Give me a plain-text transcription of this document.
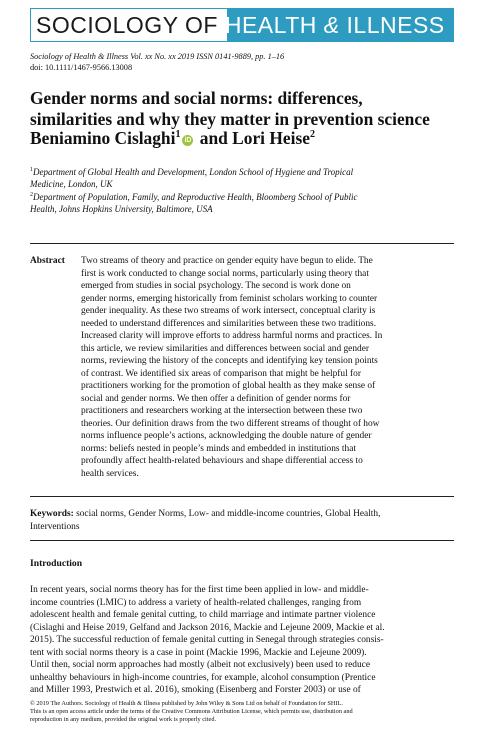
SOCIOLOGY OF HEALTH & ILLNESS
Sociology of Health & Illness Vol. xx No. xx 2019 ISSN 0141-9889, pp. 1–16
doi: 10.1111/1467-9566.13008
Gender norms and social norms: differences,
similarities and why they matter in prevention science
Beniamino Cislaghi$^1$iD and Lori Heise$^2$
$^1$Department of Global Health and Development, London School of Hygiene and Tropical
Medicine, London, UK
$^2$Department of Population, Family, and Reproductive Health, Bloomberg School of Public
Health, Johns Hopkins University, Baltimore, USA
Abstract Two streams of theory and practice on gender equity have begun to elide. The
first is work conducted to change social norms, particularly using theory that
emerged from studies in social psychology. The second is work done on
gender norms, emerging historically from feminist scholars working to counter
gender inequality. As these two streams of work intersect, conceptual clarity is
needed to understand differences and similarities between these two traditions.
Increased clarity will improve efforts to address harmful norms and practices. In
this article, we review similarities and differences between social and gender
norms, reviewing the history of the concepts and identifying key tension points
of contrast. We identified six areas of comparison that might be helpful for
practitioners working for the promotion of global health as they make sense of
social and gender norms. We then offer a definition of gender norms for
practitioners and researchers working at the intersection between these two
theories. Our definition draws from the two different streams of thought of how
norms influence people’s actions, acknowledging the double nature of gender
norms: beliefs nested in people’s minds and embedded in institutions that
profoundly affect health-related behaviours and shape differential access to
health services.
Keywords: social norms, Gender Norms, Low- and middle-income countries, Global Health,
Interventions
Introduction
In recent years, social norms theory has for the first time been applied in low- and middle-
income countries (LMIC) to address a variety of health-related challenges, ranging from
adolescent health and female genital cutting, to child marriage and intimate partner violence
(Cislaghi and Heise 2019, Gelfand and Jackson 2016, Mackie and Lejeune 2009, Mackie et al.
2015). The successful reduction of female genital cutting in Senegal through strategies consis-
tent with social norms theory is a case in point (Mackie 1996, Mackie and Lejeune 2009).
Until then, social norm approaches had mostly (albeit not exclusively) been used to reduce
unhealthy behaviours in high-income countries, for example, alcohol consumption (Prentice
and Miller 1993, Prestwich et al. 2016), smoking (Eisenberg and Forster 2003) or use of
© 2019 The Authors. Sociology of Health & Illness published by John Wiley & Sons Ltd on behalf of Foundation for SHIL.
This is an open access article under the terms of the Creative Commons Attribution License, which permits use, distribution and
reproduction in any medium, provided the original work is properly cited.
